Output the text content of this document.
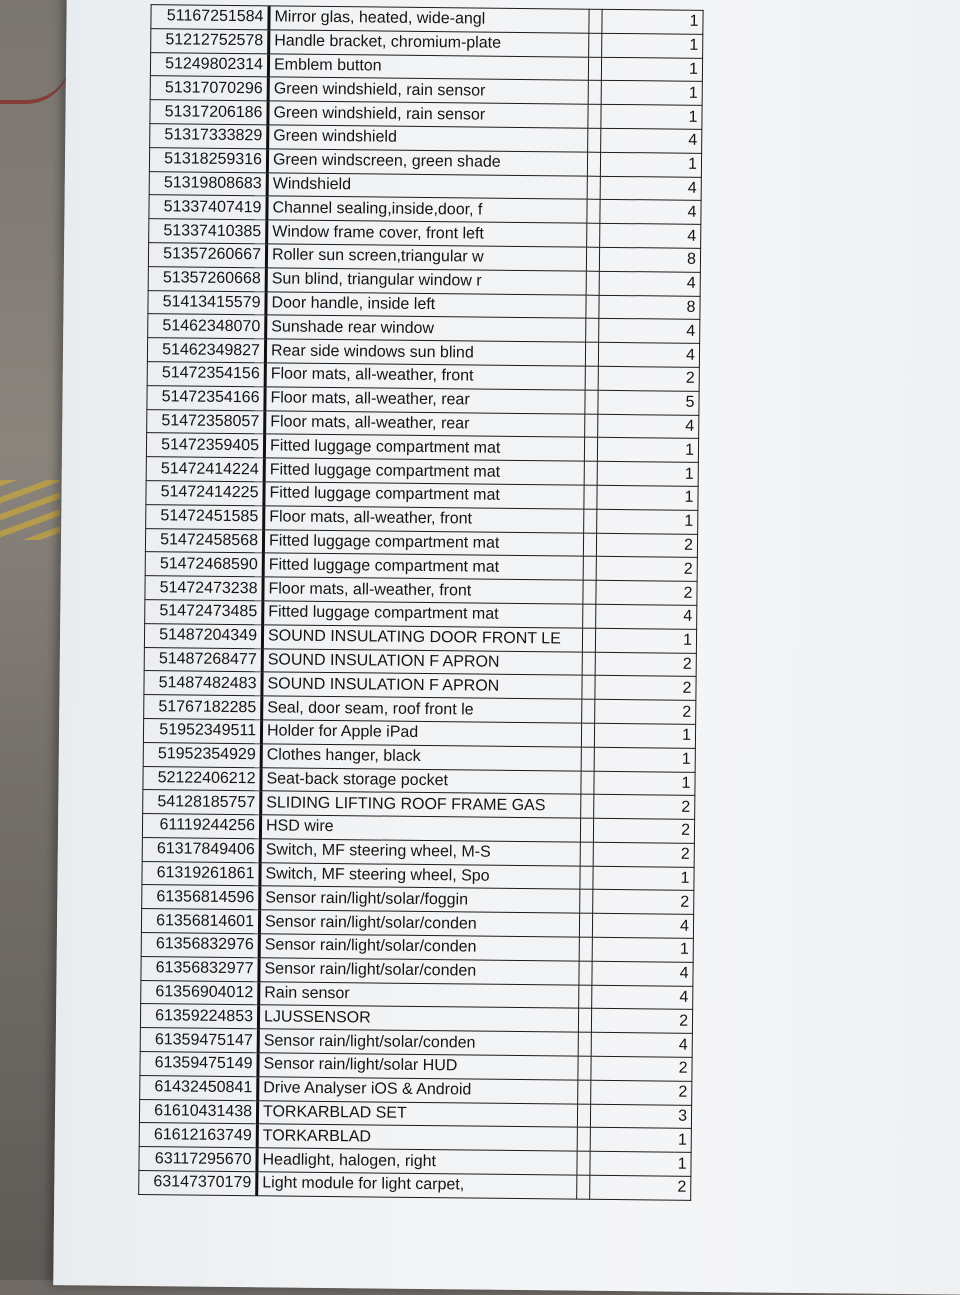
51167251584	Mirror glas, heated, wide-angl		1
51212752578	Handle bracket, chromium-plate		1
51249802314	Emblem button		1
51317070296	Green windshield, rain sensor		1
51317206186	Green windshield, rain sensor		1
51317333829	Green windshield		4
51318259316	Green windscreen, green shade		1
51319808683	Windshield		4
51337407419	Channel sealing,inside,door, f		4
51337410385	Window frame cover, front left		4
51357260667	Roller sun screen,triangular w		8
51357260668	Sun blind, triangular window r		4
51413415579	Door handle, inside left		8
51462348070	Sunshade rear window		4
51462349827	Rear side windows sun blind		4
51472354156	Floor mats, all-weather, front		2
51472354166	Floor mats, all-weather, rear		5
51472358057	Floor mats, all-weather, rear		4
51472359405	Fitted luggage compartment mat		1
51472414224	Fitted luggage compartment mat		1
51472414225	Fitted luggage compartment mat		1
51472451585	Floor mats, all-weather, front		1
51472458568	Fitted luggage compartment mat		2
51472468590	Fitted luggage compartment mat		2
51472473238	Floor mats, all-weather, front		2
51472473485	Fitted luggage compartment mat		4
51487204349	SOUND INSULATING DOOR FRONT LE		1
51487268477	SOUND INSULATION F APRON		2
51487482483	SOUND INSULATION F APRON		2
51767182285	Seal, door seam, roof front le		2
51952349511	Holder for Apple iPad		1
51952354929	Clothes hanger, black		1
52122406212	Seat-back storage pocket		1
54128185757	SLIDING LIFTING ROOF FRAME GAS		2
61119244256	HSD wire		2
61317849406	Switch, MF steering wheel, M-S		2
61319261861	Switch, MF steering wheel, Spo		1
61356814596	Sensor rain/light/solar/foggin		2
61356814601	Sensor rain/light/solar/conden		4
61356832976	Sensor rain/light/solar/conden		1
61356832977	Sensor rain/light/solar/conden		4
61356904012	Rain sensor		4
61359224853	LJUSSENSOR		2
61359475147	Sensor rain/light/solar/conden		4
61359475149	Sensor rain/light/solar HUD		2
61432450841	Drive Analyser iOS & Android		2
61610431438	TORKARBLAD SET		3
61612163749	TORKARBLAD		1
63117295670	Headlight, halogen, right		1
63147370179	Light module for light carpet,		2
